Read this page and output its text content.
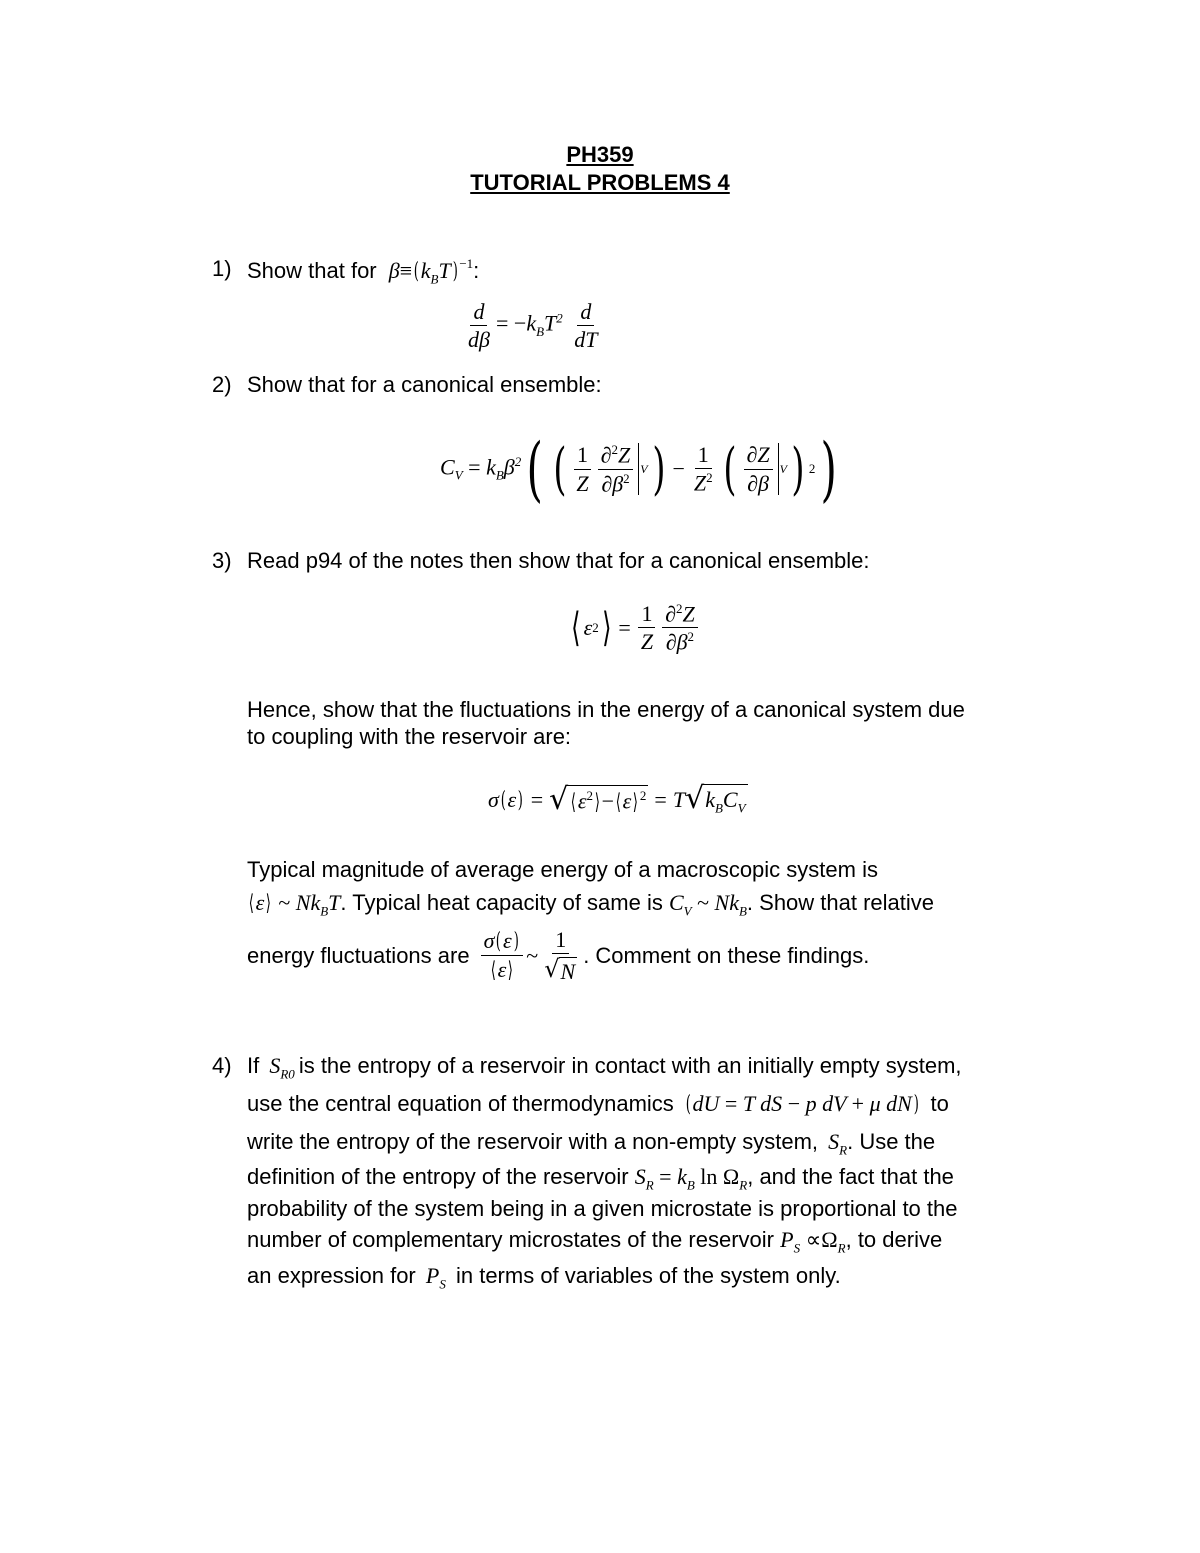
PH359
TUTORIAL PROBLEMS 4
1) Show that for $\beta\equiv(k_BT)$ $^{-1}$:
$\frac{d}{d\beta} = -k_BT^2 \frac{d}{dT}$
2) Show that for a canonical ensemble:
$C_V = k_B\beta^2$ ( ( $\frac{1}{Z} \frac{\partial^2Z}{\partial\beta^2}$ V ) − $\frac{1}{Z^2}$ ( $\frac{\partial Z}{\partial\beta}$ V ) 2 )
3) Read p94 of the notes then show that for a canonical ensemble:
⟨ ε 2 ⟩ = $\frac{1}{Z} \frac{\partial^2Z}{\partial\beta^2}$
Hence, show that the fluctuations in the energy of a canonical system due
to coupling with the reservoir are:
σ ( ε ) = √ $⟨\varepsilon^2⟩-⟨\varepsilon⟩$ $^2$ = T √ $k_BC_V$
Typical magnitude of average energy of a macroscopic system is
⟨ε⟩ ~ $Nk_BT$. Typical heat capacity of same is $C_V$ ~ $Nk_B$. Show that relative
energy fluctuations are $\frac{\sigma(\varepsilon)}{⟨\varepsilon⟩}$ ~ $\frac{1}{√ N}$ . Comment on these findings.
4) If $S_{R0}$ is the entropy of a reservoir in contact with an initially empty system,
use the central equation of thermodynamics (dU = T dS − p dV + μ dN) to
write the entropy of the reservoir with a non-empty system, $S_R$. Use the
definition of the entropy of the reservoir $S_R = k_B$ $\ln \Omega_R$, and the fact that the
probability of the system being in a given microstate is proportional to the
number of complementary microstates of the reservoir $P_S \propto\Omega_R$, to derive
an expression for $P_S$ in terms of variables of the system only.
